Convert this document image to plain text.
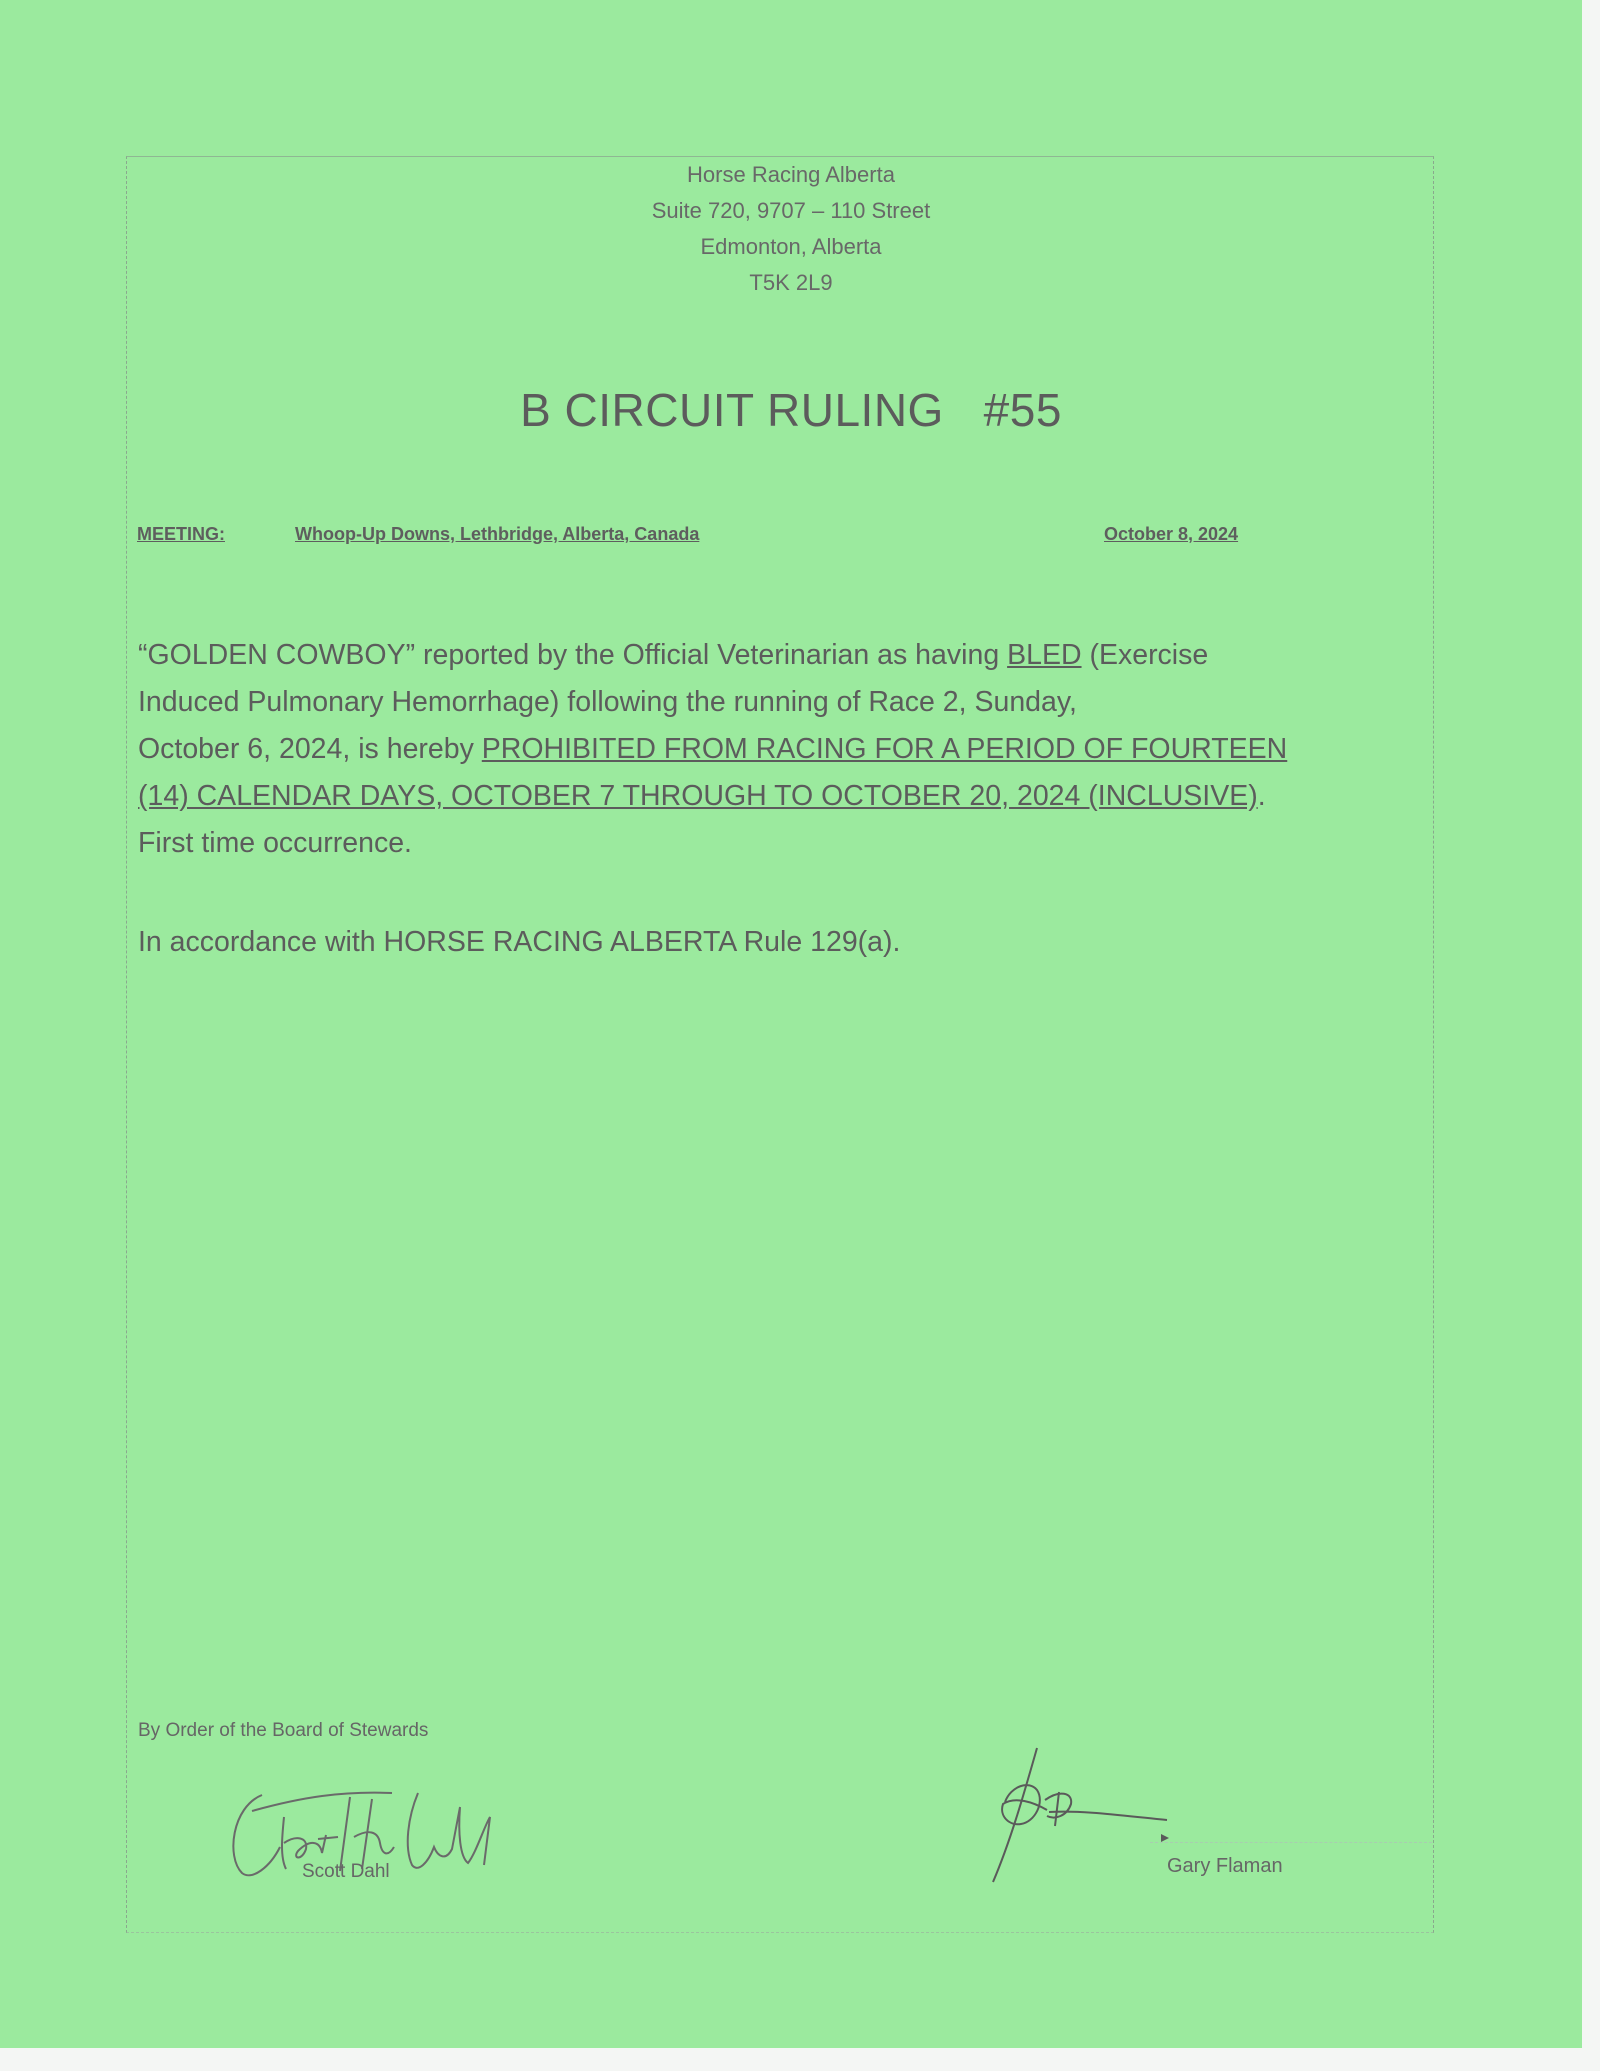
Horse Racing Alberta
Suite 720, 9707 – 110 Street
Edmonton, Alberta
T5K 2L9
B CIRCUIT RULING   #55
MEETING:	Whoop-Up Downs, Lethbridge, Alberta, Canada	October 8, 2024
“GOLDEN COWBOY” reported by the Official Veterinarian as having BLED (Exercise
Induced Pulmonary Hemorrhage) following the running of Race 2, Sunday,
October 6, 2024, is hereby PROHIBITED FROM RACING FOR A PERIOD OF FOURTEEN
(14) CALENDAR DAYS, OCTOBER 7 THROUGH TO OCTOBER 20, 2024 (INCLUSIVE).
First time occurrence.
In accordance with HORSE RACING ALBERTA Rule 129(a).
By Order of the Board of Stewards
Scott Dahl	Gary Flaman
